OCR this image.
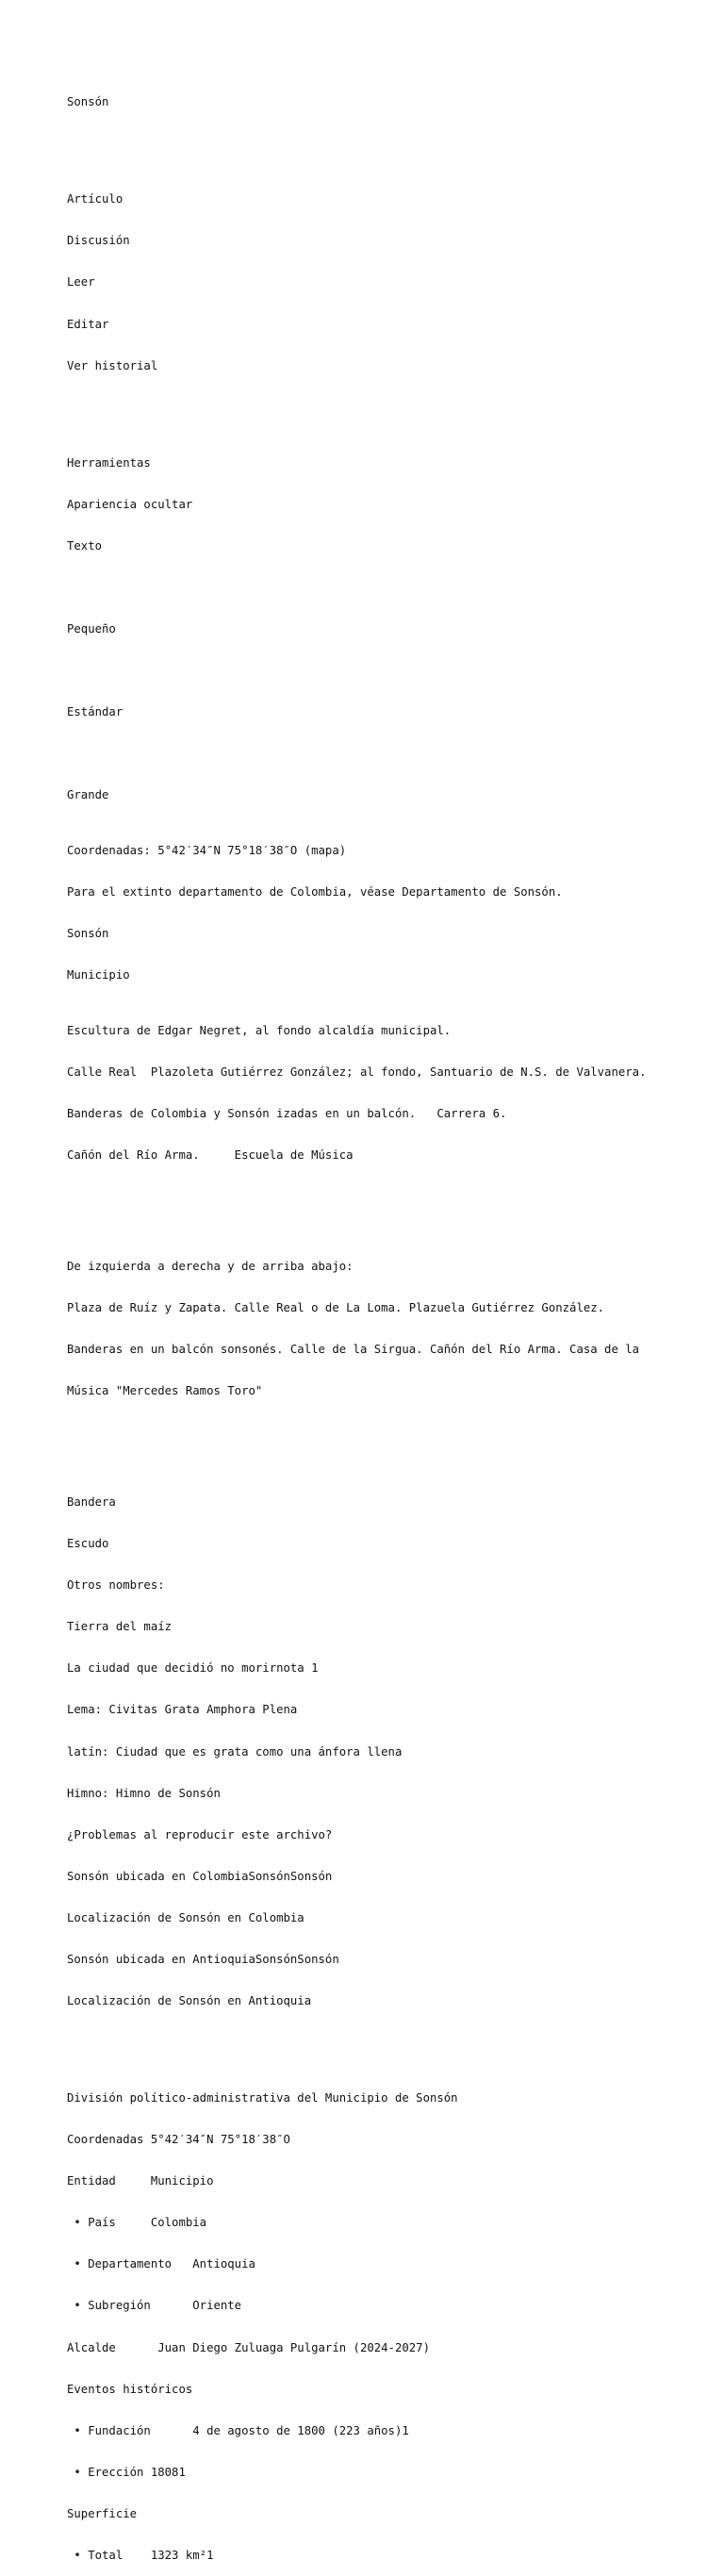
Sonsón

Artículo

Discusión

Leer

Editar

Ver historial

Herramientas

Apariencia ocultar

Texto

Pequeño

Estándar

Grande

Coordenadas: 5°42′34″N 75°18′38″O (mapa)

Para el extinto departamento de Colombia, véase Departamento de Sonsón.

Sonsón

Municipio

Escultura de Edgar Negret, al fondo alcaldía municipal.

Calle Real  Plazoleta Gutiérrez González; al fondo, Santuario de N.S. de Valvanera.

Banderas de Colombia y Sonsón izadas en un balcón.   Carrera 6.

Cañón del Río Arma.     Escuela de Música

De izquierda a derecha y de arriba abajo:

Plaza de Ruíz y Zapata. Calle Real o de La Loma. Plazuela Gutiérrez González.

Banderas en un balcón sonsonés. Calle de la Sirgua. Cañón del Río Arma. Casa de la

Música "Mercedes Ramos Toro"

Bandera

Escudo

Otros nombres:

Tierra del maíz

La ciudad que decidió no morirnota 1

Lema: Civitas Grata Amphora Plena

latín: Ciudad que es grata como una ánfora llena

Himno: Himno de Sonsón

¿Problemas al reproducir este archivo?

Sonsón ubicada en ColombiaSonsónSonsón

Localización de Sonsón en Colombia

Sonsón ubicada en AntioquiaSonsónSonsón

Localización de Sonsón en Antioquia

División político-administrativa del Municipio de Sonsón

Coordenadas 5°42′34″N 75°18′38″O

Entidad     Municipio

• País     Colombia

• Departamento   Antioquia

• Subregión      Oriente

Alcalde      Juan Diego Zuluaga Pulgarín (2024-2027)

Eventos históricos

• Fundación      4 de agosto de 1800 (223 años)1

• Erección 18081

Superficie

• Total    1323 km²1
